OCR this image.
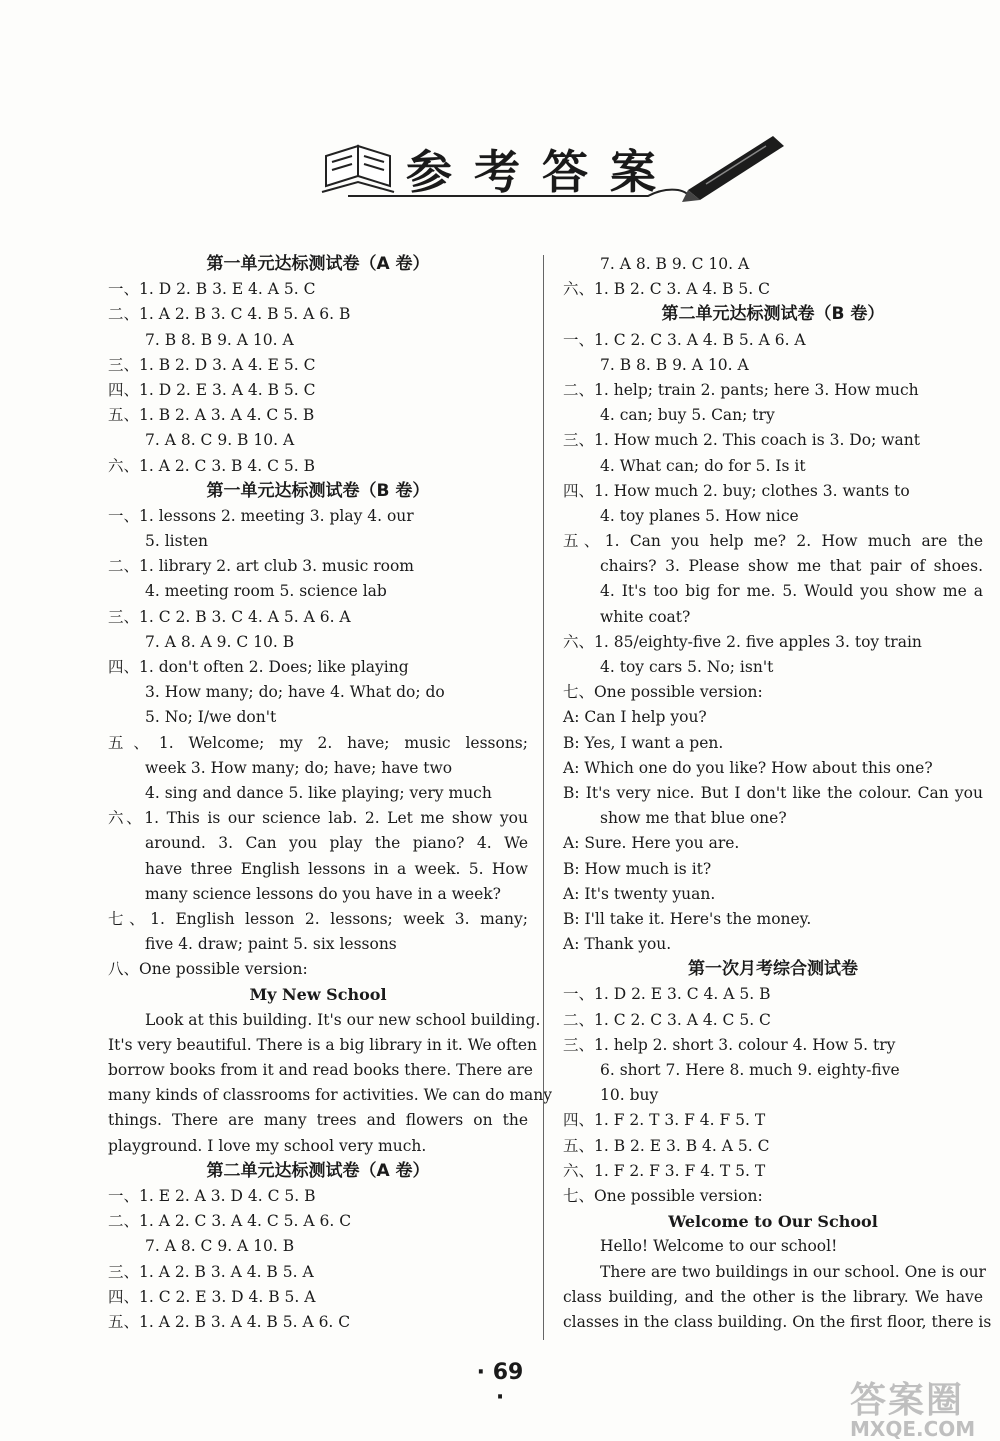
参考答案
第一单元达标测试卷（A 卷）
一、1. D 2. B 3. E 4. A 5. C
二、1. A 2. B 3. C 4. B 5. A 6. B
7. B 8. B 9. A 10. A
三、1. B 2. D 3. A 4. E 5. C
四、1. D 2. E 3. A 4. B 5. C
五、1. B 2. A 3. A 4. C 5. B
7. A 8. C 9. B 10. A
六、1. A 2. C 3. B 4. C 5. B
第一单元达标测试卷（B 卷）
一、1. lessons 2. meeting 3. play 4. our
5. listen
二、1. library 2. art club 3. music room
4. meeting room 5. science lab
三、1. C 2. B 3. C 4. A 5. A 6. A
7. A 8. A 9. C 10. B
四、1. don't often 2. Does; like playing
3. How many; do; have 4. What do; do
5. No; I/we don't
五、1. Welcome; my 2. have; music lessons;
week 3. How many; do; have; have two
4. sing and dance 5. like playing; very much
六、1. This is our science lab. 2. Let me show you
around. 3. Can you play the piano? 4. We
have three English lessons in a week. 5. How
many science lessons do you have in a week?
七、1. English lesson 2. lessons; week 3. many;
five 4. draw; paint 5. six lessons
八、One possible version:
My New School
Look at this building. It's our new school building.
It's very beautiful. There is a big library in it. We often
borrow books from it and read books there. There are
many kinds of classrooms for activities. We can do many
things. There are many trees and flowers on the
playground. I love my school very much.
第二单元达标测试卷（A 卷）
一、1. E 2. A 3. D 4. C 5. B
二、1. A 2. C 3. A 4. C 5. A 6. C
7. A 8. C 9. A 10. B
三、1. A 2. B 3. A 4. B 5. A
四、1. C 2. E 3. D 4. B 5. A
五、1. A 2. B 3. A 4. B 5. A 6. C
7. A 8. B 9. C 10. A
六、1. B 2. C 3. A 4. B 5. C
第二单元达标测试卷（B 卷）
一、1. C 2. C 3. A 4. B 5. A 6. A
7. B 8. B 9. A 10. A
二、1. help; train 2. pants; here 3. How much
4. can; buy 5. Can; try
三、1. How much 2. This coach is 3. Do; want
4. What can; do for 5. Is it
四、1. How much 2. buy; clothes 3. wants to
4. toy planes 5. How nice
五、1. Can you help me? 2. How much are the
chairs? 3. Please show me that pair of shoes.
4. It's too big for me. 5. Would you show me a
white coat?
六、1. 85/eighty-five 2. five apples 3. toy train
4. toy cars 5. No; isn't
七、One possible version:
A: Can I help you?
B: Yes, I want a pen.
A: Which one do you like? How about this one?
B: It's very nice. But I don't like the colour. Can you
show me that blue one?
A: Sure. Here you are.
B: How much is it?
A: It's twenty yuan.
B: I'll take it. Here's the money.
A: Thank you.
第一次月考综合测试卷
一、1. D 2. E 3. C 4. A 5. B
二、1. C 2. C 3. A 4. C 5. C
三、1. help 2. short 3. colour 4. How 5. try
6. short 7. Here 8. much 9. eighty-five
10. buy
四、1. F 2. T 3. F 4. F 5. T
五、1. B 2. E 3. B 4. A 5. C
六、1. F 2. F 3. F 4. T 5. T
七、One possible version:
Welcome to Our School
Hello! Welcome to our school!
There are two buildings in our school. One is our
class building, and the other is the library. We have
classes in the class building. On the first floor, there is
· 69 ·	答案圈
MXQE.COM
